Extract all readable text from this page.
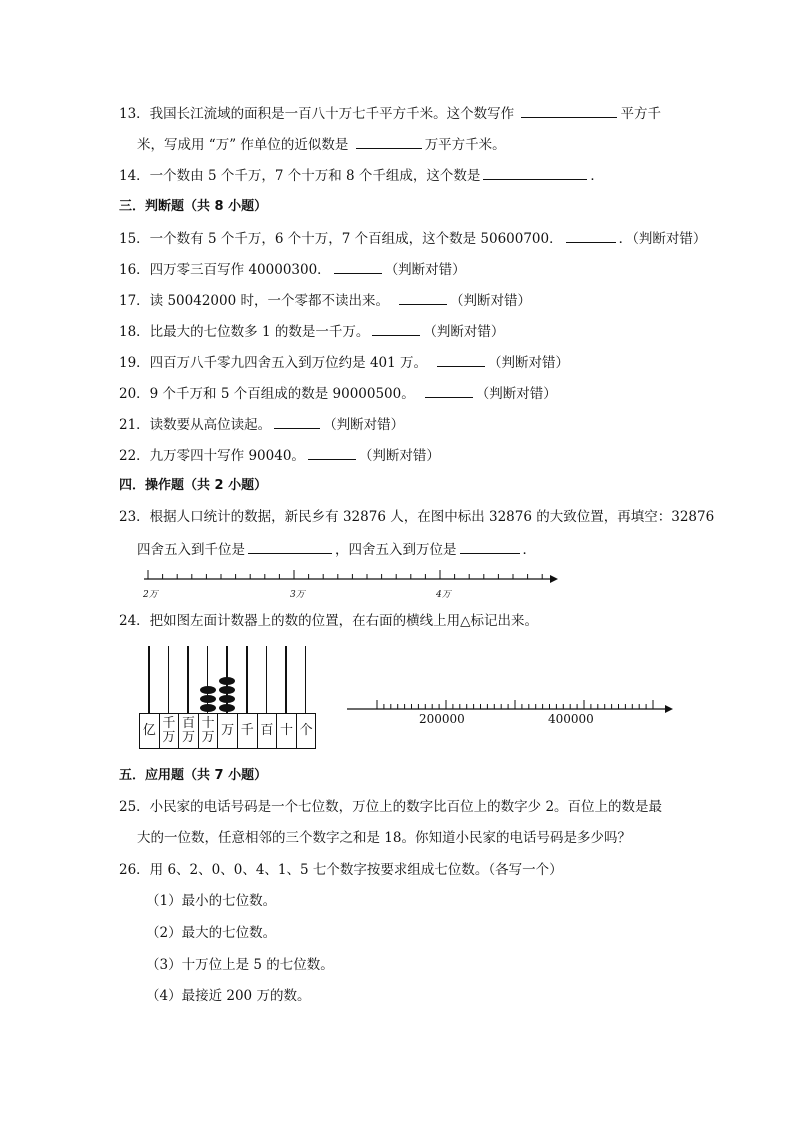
13．我国长江流域的面积是一百八十万七千平方千米。这个数写作	平方千
米，写成用 “万” 作单位的近似数是	万平方千米。
14．一个数由 5 个千万，7 个十万和 8 个千组成，这个数是	．
三．判断题（共 8 小题）
15．一个数有 5 个千万，6 个十万，7 个百组成，这个数是 50600700．	．（判断对错）
16．四万零三百写作 40000300．	（判断对错）
17．读 50042000 时，一个零都不读出来。	（判断对错）
18．比最大的七位数多 1 的数是一千万。	（判断对错）
19．四百万八千零九四舍五入到万位约是 401 万。	（判断对错）
20．9 个千万和 5 个百组成的数是 90000500。	（判断对错）
21．读数要从高位读起。	（判断对错）
22．九万零四十写作 90040。	（判断对错）
四．操作题（共 2 小题）
23．根据人口统计的数据，新民乡有 32876 人，在图中标出 32876 的大致位置，再填空：32876
四舍五入到千位是	，四舍五入到万位是	．
2万	3万	4万
24．把如图左面计数器上的数的位置，在右面的横线上用△标记出来。
亿 千
万
百
万
十
万 万 千 百 十 个
200000	400000
五．应用题（共 7 小题）
25．小民家的电话号码是一个七位数，万位上的数字比百位上的数字少 2。百位上的数是最
大的一位数，任意相邻的三个数字之和是 18。你知道小民家的电话号码是多少吗？
26．用 6、2、0、0、4、1、5 七个数字按要求组成七位数。（各写一个）
（1）最小的七位数。
（2）最大的七位数。
（3）十万位上是 5 的七位数。
（4）最接近 200 万的数。
